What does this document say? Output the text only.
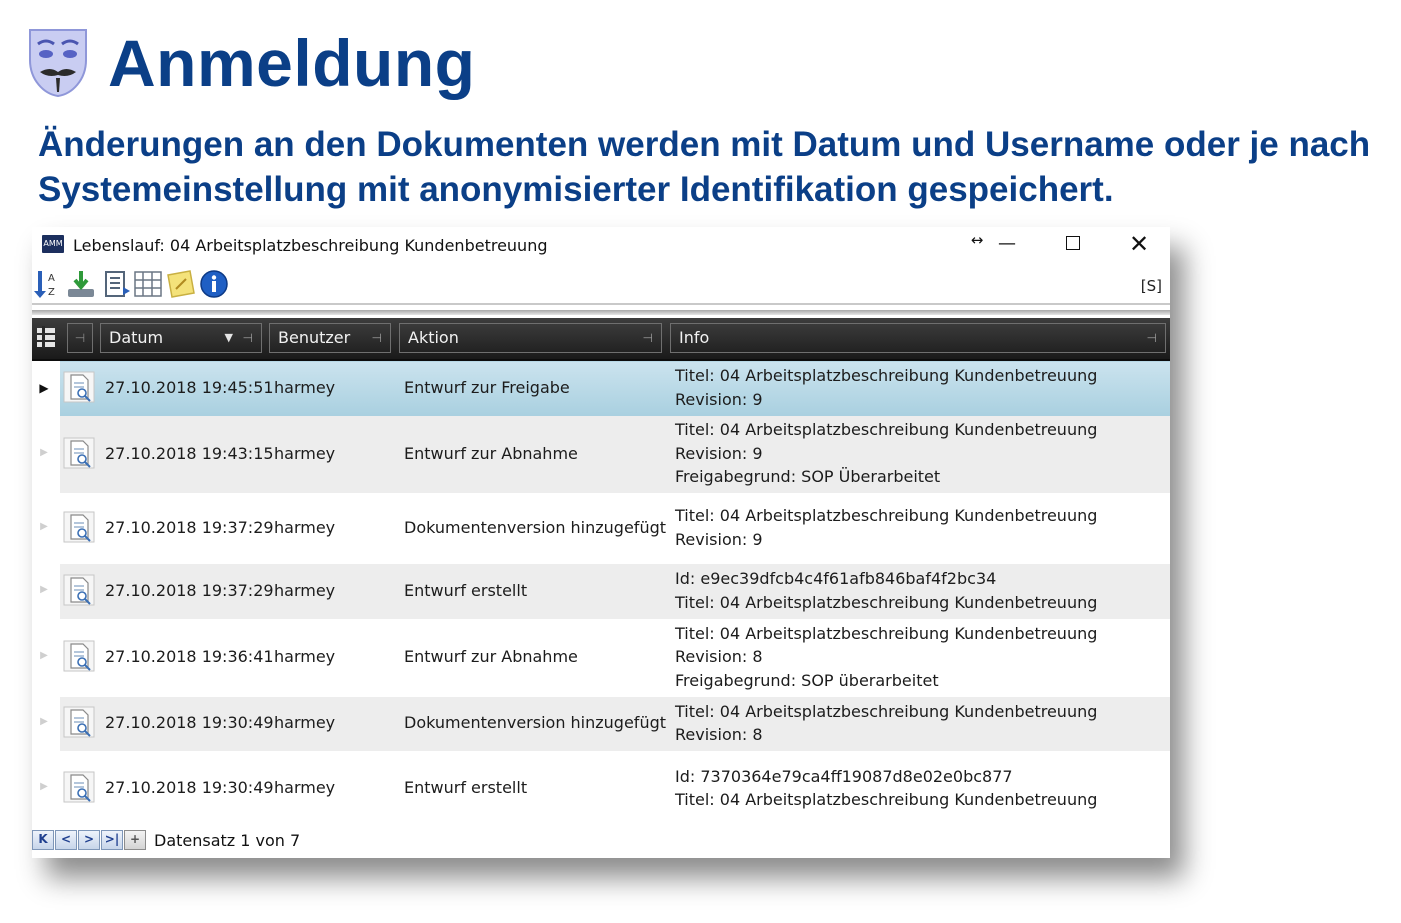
Anmeldung
Änderungen an den Dokumenten werden mit Datum und Username oder je nach Systemeinstellung mit anonymisierter Identifikation gespeichert.
AMM Lebenslauf: 04 Arbeitsplatzbeschreibung Kundenbetreuung	↔ —	✕
A
Z	[S]
⊣	Datum	▼ ⊣	Benutzer ⊣	Aktion	⊣	Info	⊣
▶	27.10.2018 19:45:51 harmey	Entwurf zur Freigabe
Titel: 04 Arbeitsplatzbeschreibung Kundenbetreuung
Revision: 9
▶	27.10.2018 19:43:15 harmey	Entwurf zur Abnahme
Titel: 04 Arbeitsplatzbeschreibung Kundenbetreuung
Revision: 9
Freigabegrund: SOP Überarbeitet
▶	27.10.2018 19:37:29 harmey	Dokumentenversion hinzugefügt
Titel: 04 Arbeitsplatzbeschreibung Kundenbetreuung
Revision: 9
▶	27.10.2018 19:37:29 harmey	Entwurf erstellt
Id: e9ec39dfcb4c4f61afb846baf4f2bc34
Titel: 04 Arbeitsplatzbeschreibung Kundenbetreuung
▶	27.10.2018 19:36:41 harmey	Entwurf zur Abnahme
Titel: 04 Arbeitsplatzbeschreibung Kundenbetreuung
Revision: 8
Freigabegrund: SOP überarbeitet
▶	27.10.2018 19:30:49 harmey	Dokumentenversion hinzugefügt
Titel: 04 Arbeitsplatzbeschreibung Kundenbetreuung
Revision: 8
▶	27.10.2018 19:30:49 harmey	Entwurf erstellt
Id: 7370364e79ca4ff19087d8e02e0bc877
Titel: 04 Arbeitsplatzbeschreibung Kundenbetreuung
K	<	> >| + Datensatz 1 von 7
